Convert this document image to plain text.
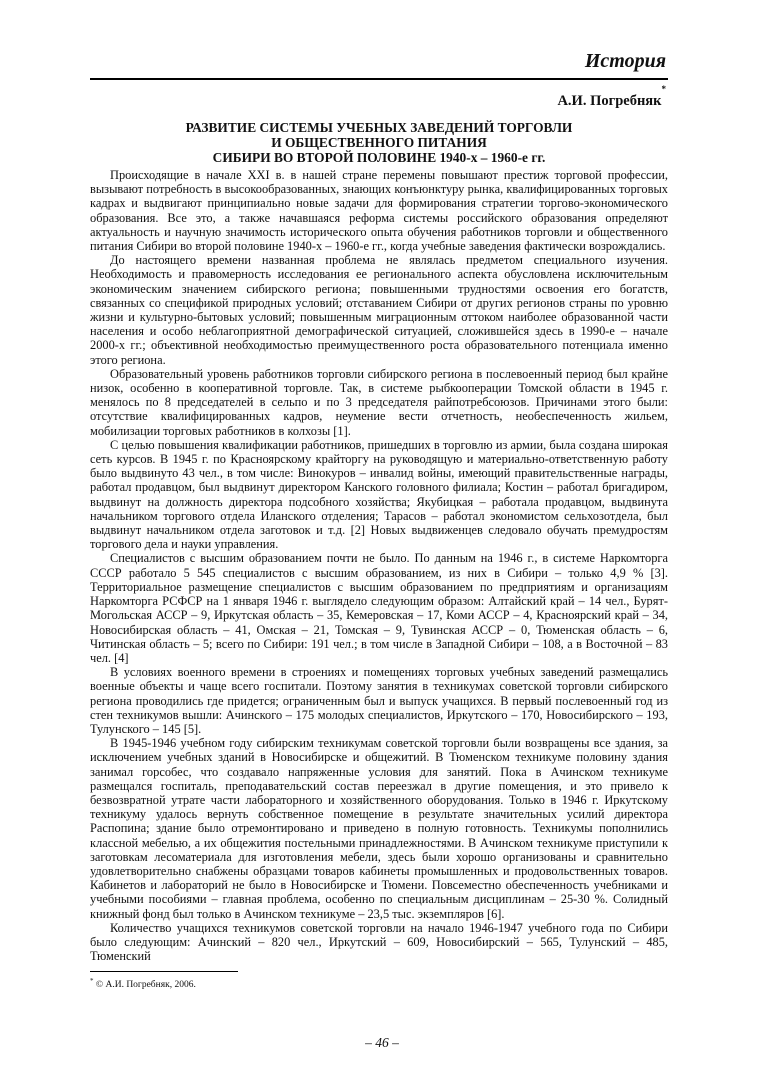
История
А.И. Погребняк*
РАЗВИТИЕ СИСТЕМЫ УЧЕБНЫХ ЗАВЕДЕНИЙ ТОРГОВЛИ
И ОБЩЕСТВЕННОГО ПИТАНИЯ
СИБИРИ ВО ВТОРОЙ ПОЛОВИНЕ 1940-х – 1960-е гг.

Происходящие в начале XXI в. в нашей стране перемены повышают престиж торговой профессии, вызывают потребность в высокообразованных, знающих конъюнктуру рынка, квалифицированных торговых кадрах и выдвигают принципиально новые задачи для формирования стратегии торгово-экономического образования. Все это, а также начавшаяся реформа системы российского образования определяют актуальность и научную значимость исторического опыта обучения работников торговли и общественного питания Сибири во второй половине 1940-х – 1960-е гг., когда учебные заведения фактически возрождались.

До настоящего времени названная проблема не являлась предметом специального изучения. Необходимость и правомерность исследования ее регионального аспекта обусловлена исключительным экономическим значением сибирского региона; повышенными трудностями освоения его богатств, связанных со спецификой природных условий; отставанием Сибири от других регионов страны по уровню жизни и культурно-бытовых условий; повышенным миграционным оттоком наиболее образованной части населения и особо неблагоприятной демографической ситуацией, сложившейся здесь в 1990-е – начале 2000-х гг.; объективной необходимостью преимущественного роста образовательного потенциала именно этого региона.

Образовательный уровень работников торговли сибирского региона в послевоенный период был крайне низок, особенно в кооперативной торговле. Так, в системе рыбкооперации Томской области в 1945 г. менялось по 8 председателей в сельпо и по 3 председателя райпотребсоюзов. Причинами этого были: отсутствие квалифицированных кадров, неумение вести отчетность, необеспеченность жильем, мобилизации торговых работников в колхозы [1].

С целью повышения квалификации работников, пришедших в торговлю из армии, была создана широкая сеть курсов. В 1945 г. по Красноярскому крайторгу на руководящую и материально-ответственную работу было выдвинуто 43 чел., в том числе: Винокуров – инвалид войны, имеющий правительственные награды, работал продавцом, был выдвинут директором Канского головного филиала; Костин – работал бригадиром, выдвинут на должность директора подсобного хозяйства; Якубицкая – работала продавцом, выдвинута начальником торгового отдела Иланского отделения; Тарасов – работал экономистом сельхозотдела, был выдвинут начальником отдела заготовок и т.д. [2] Новых выдвиженцев следовало обучать премудростям торгового дела и науки управления.

Специалистов с высшим образованием почти не было. По данным на 1946 г., в системе Наркомторга СССР работало 5 545 специалистов с высшим образованием, из них в Сибири – только 4,9 % [3]. Территориальное размещение специалистов с высшим образованием по предприятиям и организациям Наркомторга РСФСР на 1 января 1946 г. выглядело следующим образом: Алтайский край – 14 чел., Бурят-Могольская АССР – 9, Иркутская область – 35, Кемеровская – 17, Коми АССР – 4, Красноярский край – 34, Новосибирская область – 41, Омская – 21, Томская – 9, Тувинская АССР – 0, Тюменская область – 6, Читинская область – 5; всего по Сибири: 191 чел.; в том числе в Западной Сибири – 108, а в Восточной – 83 чел. [4]

В условиях военного времени в строениях и помещениях торговых учебных заведений размещались военные объекты и чаще всего госпитали. Поэтому занятия в техникумах советской торговли сибирского региона проводились где придется; ограниченным был и выпуск учащихся. В первый послевоенный год из стен техникумов вышли: Ачинского – 175 молодых специалистов, Иркутского – 170, Новосибирского – 193, Тулунского – 145 [5].

В 1945-1946 учебном году сибирским техникумам советской торговли были возвращены все здания, за исключением учебных зданий в Новосибирске и общежитий. В Тюменском техникуме половину здания занимал горсобес, что создавало напряженные условия для занятий. Пока в Ачинском техникуме размещался госпиталь, преподавательский состав переезжал в другие помещения, и это привело к безвозвратной утрате части лабораторного и хозяйственного оборудования. Только в 1946 г. Иркутскому техникуму удалось вернуть собственное помещение в результате значительных усилий директора Распопина; здание было отремонтировано и приведено в полную готовность. Техникумы пополнились классной мебелью, а их общежития постельными принадлежностями. В Ачинском техникуме приступили к заготовкам лесоматериала для изготовления мебели, здесь были хорошо организованы и сравнительно удовлетворительно снабжены образцами товаров кабинеты промышленных и продовольственных товаров. Кабинетов и лабораторий не было в Новосибирске и Тюмени. Повсеместно обеспеченность учебниками и учебными пособиями – главная проблема, особенно по специальным дисциплинам – 25-30 %. Солидный книжный фонд был только в Ачинском техникуме – 23,5 тыс. экземпляров [6].

Количество учащихся техникумов советской торговли на начало 1946-1947 учебного года по Сибири было следующим: Ачинский – 820 чел., Иркутский – 609, Новосибирский – 565, Тулунский – 485, Тюменский

* © А.И. Погребняк, 2006.
– 46 –
